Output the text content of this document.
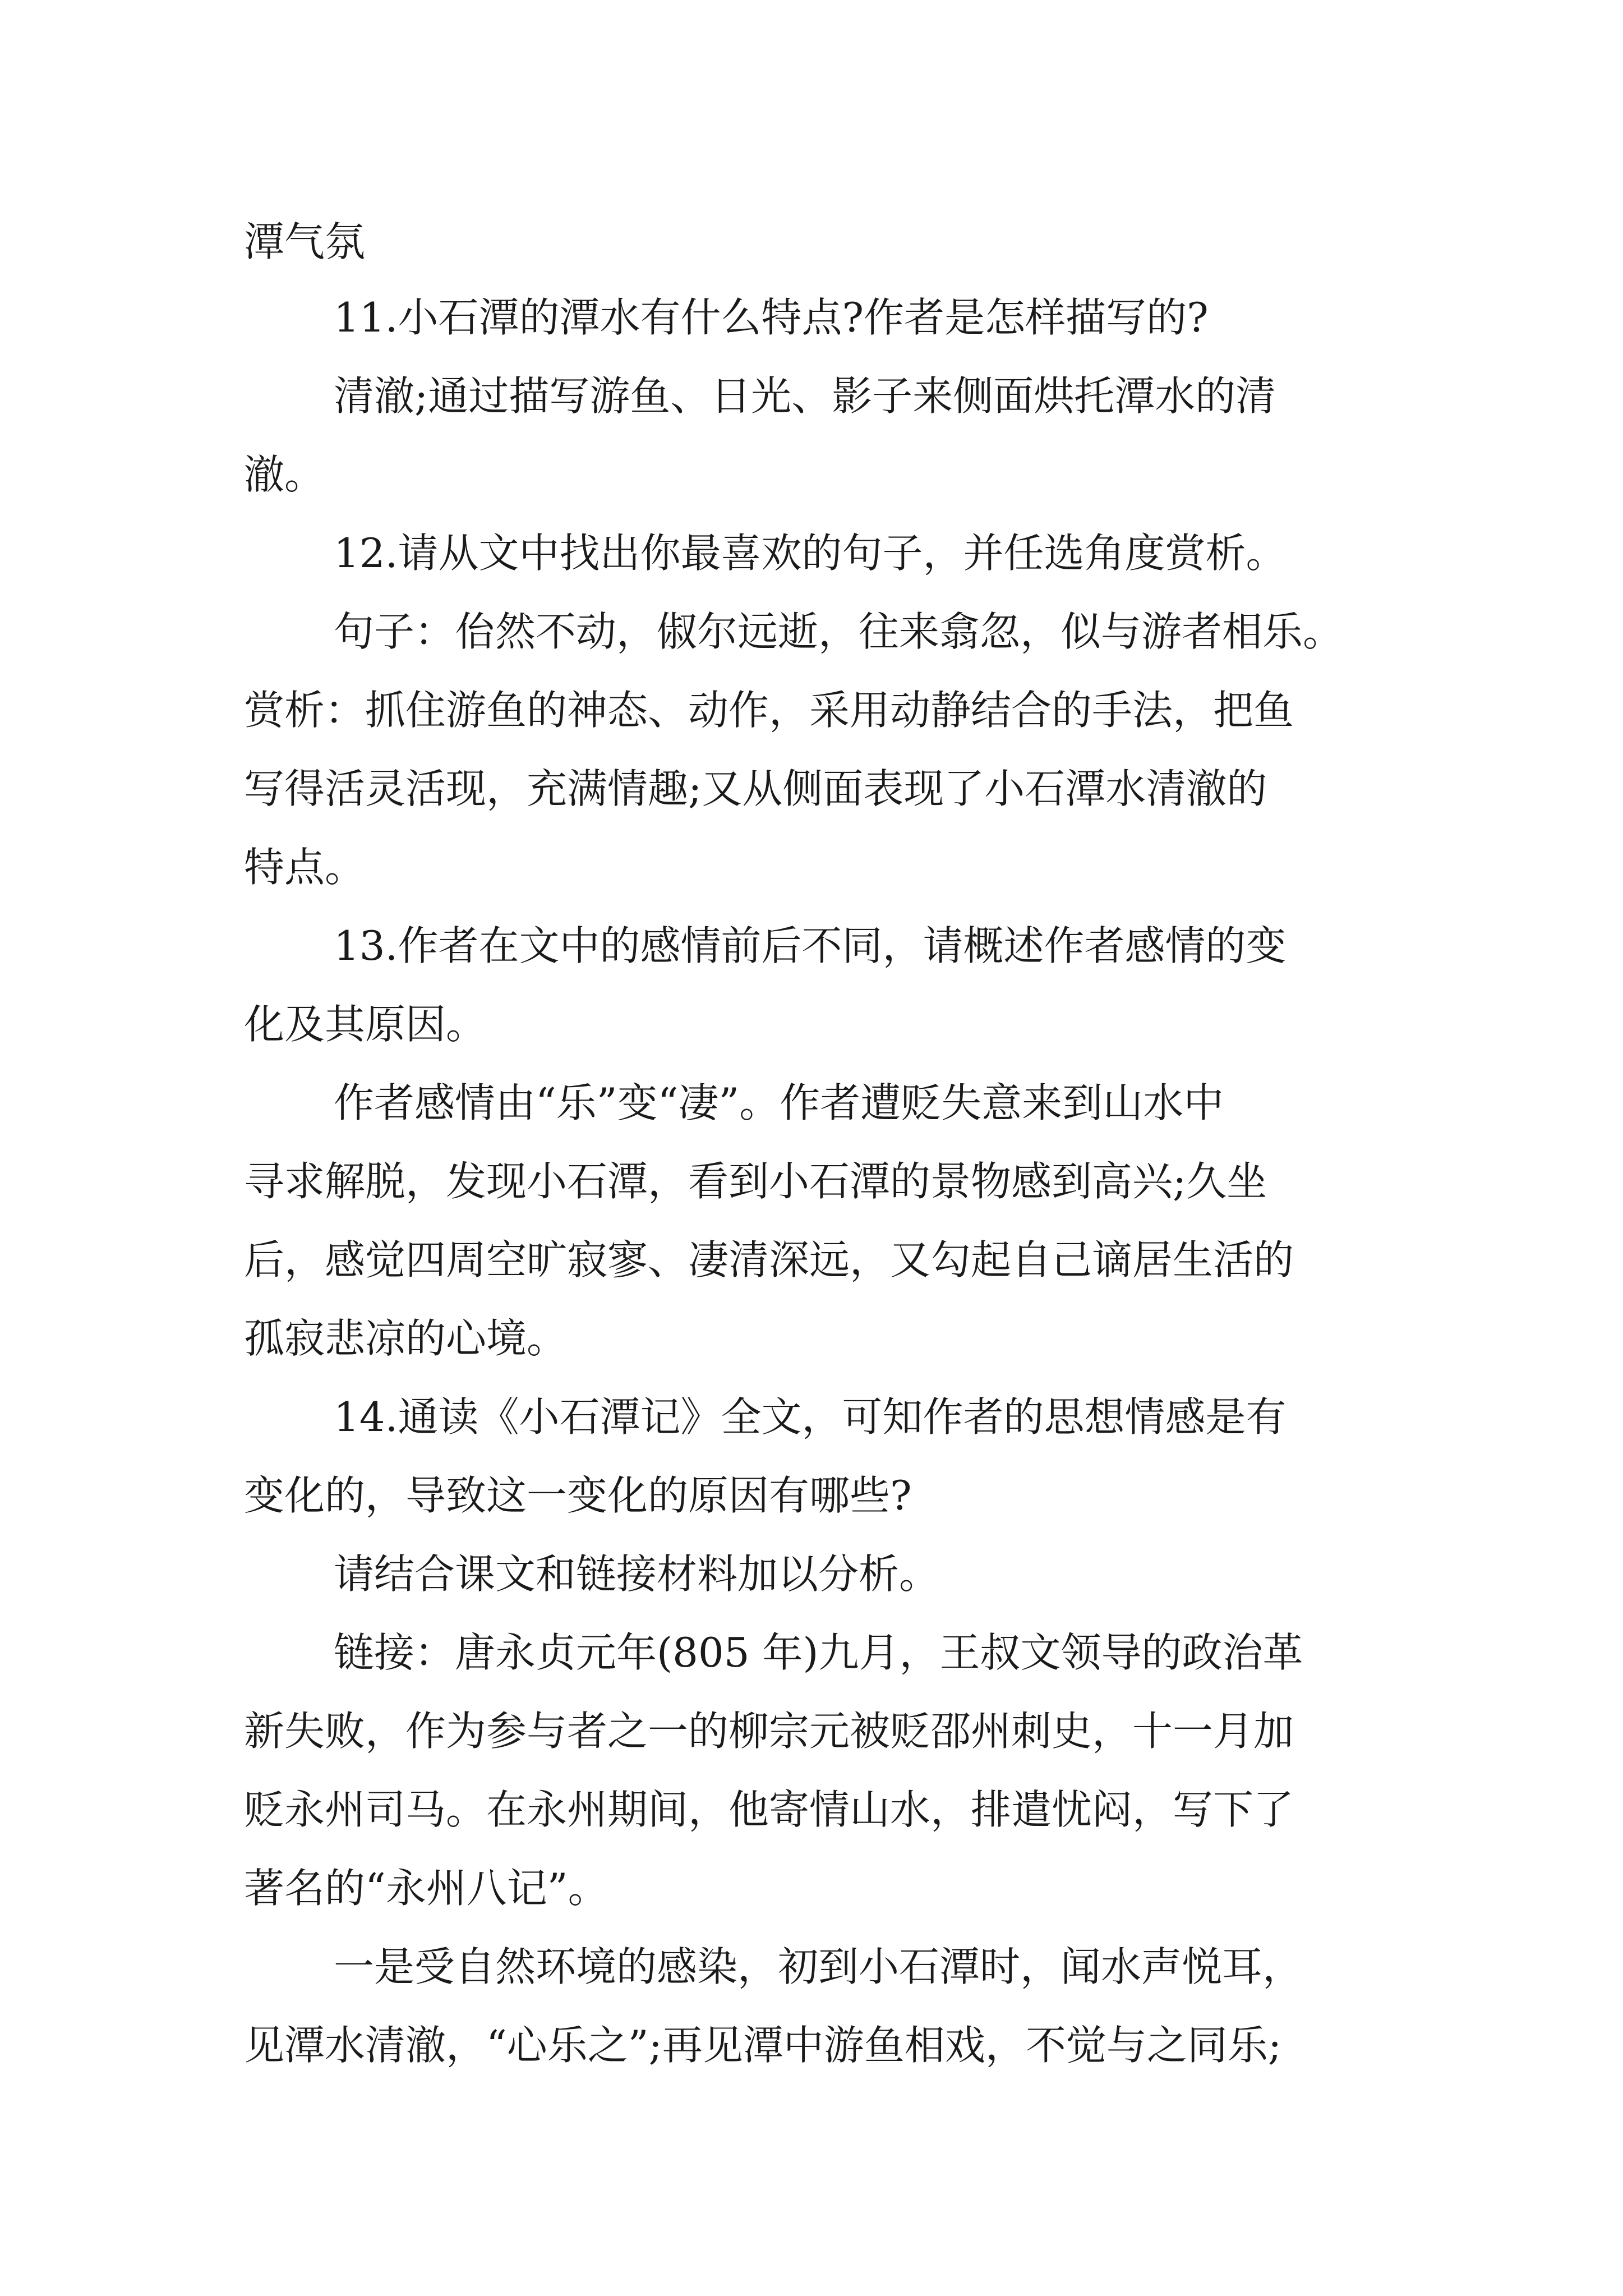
潭气氛
11.小石潭的潭水有什么特点?作者是怎样描写的?
清澈;通过描写游鱼、日光、影子来侧面烘托潭水的清
澈。
12.请从文中找出你最喜欢的句子，并任选角度赏析。
句子：佁然不动，俶尔远逝，往来翕忽，似与游者相乐。
赏析：抓住游鱼的神态、动作，采用动静结合的手法，把鱼
写得活灵活现，充满情趣;又从侧面表现了小石潭水清澈的
特点。
13.作者在文中的感情前后不同，请概述作者感情的变
化及其原因。
作者感情由“乐”变“凄”。作者遭贬失意来到山水中
寻求解脱，发现小石潭，看到小石潭的景物感到高兴;久坐
后，感觉四周空旷寂寥、凄清深远，又勾起自己谪居生活的
孤寂悲凉的心境。
14.通读《小石潭记》全文，可知作者的思想情感是有
变化的，导致这一变化的原因有哪些?
请结合课文和链接材料加以分析。
链接：唐永贞元年(805 年)九月，王叔文领导的政治革
新失败，作为参与者之一的柳宗元被贬邵州刺史，十一月加
贬永州司马。在永州期间，他寄情山水，排遣忧闷，写下了
著名的“永州八记”。
一是受自然环境的感染，初到小石潭时，闻水声悦耳，
见潭水清澈，“心乐之”;再见潭中游鱼相戏，不觉与之同乐;
